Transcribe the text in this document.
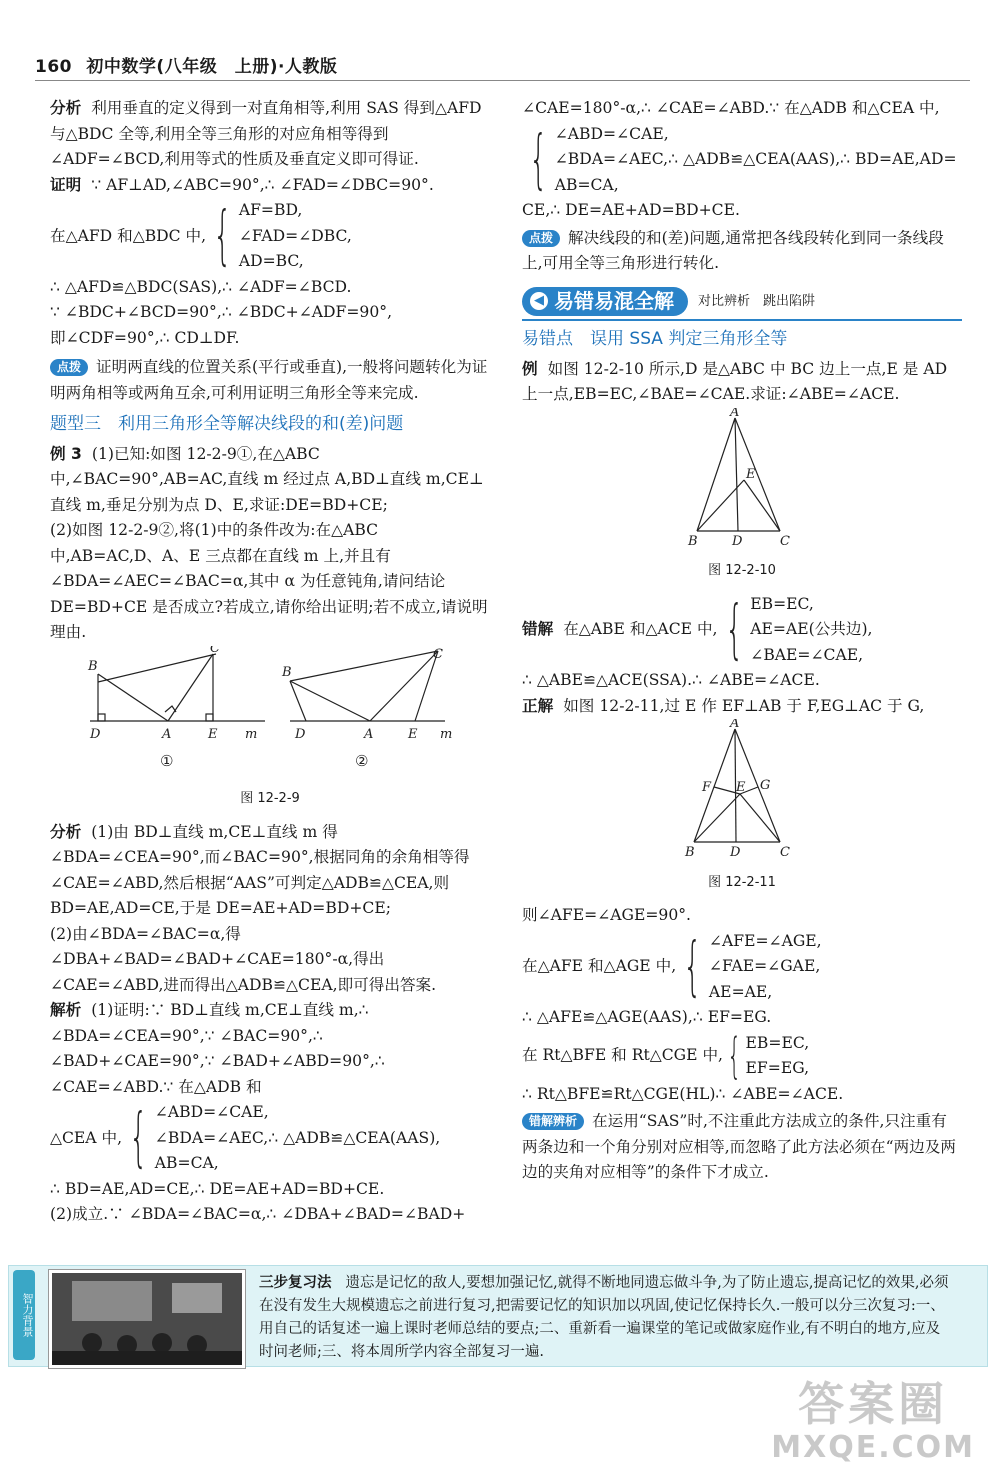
160 初中数学(八年级　上册)·人教版

分析 利用垂直的定义得到一对直角相等,利用 SAS 得到△AFD 与△BDC 全等,利用全等三角形的对应角相等得到∠ADF=∠BCD,利用等式的性质及垂直定义即可得证.

证明 ∵ AF⊥AD,∠ABC=90°,∴ ∠FAD=∠DBC=90°.

在△AFD 和△BDC 中, { AF=BD,
∠FAD=∠DBC,
AD=BC,

∴ △AFD≌△BDC(SAS),∴ ∠ADF=∠BCD.

∵ ∠BDC+∠BCD=90°,∴ ∠BDC+∠ADF=90°,

即∠CDF=90°,∴ CD⊥DF.

点拨 证明两直线的位置关系(平行或垂直),一般将问题转化为证明两角相等或两角互余,可利用证明三角形全等来完成.

题型三　利用三角形全等解决线段的和(差)问题

例 3 (1)已知:如图 12-2-9①,在△ABC 中,∠BAC=90°,AB=AC,直线 m 经过点 A,BD⊥直线 m,CE⊥直线 m,垂足分别为点 D、E,求证:DE=BD+CE;

(2)如图 12-2-9②,将(1)中的条件改为:在△ABC 中,AB=AC,D、A、E 三点都在直线 m 上,并且有∠BDA=∠AEC=∠BAC=α,其中 α 为任意钝角,请问结论 DE=BD+CE 是否成立?若成立,请你给出证明;若不成立,请说明理由.

B
C
D	A	E m
B
C
D	A	E m
①	②
图 12-2-9

分析 (1)由 BD⊥直线 m,CE⊥直线 m 得∠BDA=∠CEA=90°,而∠BAC=90°,根据同角的余角相等得∠CAE=∠ABD,然后根据“AAS”可判定△ADB≌△CEA,则 BD=AE,AD=CE,于是 DE=AE+AD=BD+CE;

(2)由∠BDA=∠BAC=α,得∠DBA+∠BAD=∠BAD+∠CAE=180°-α,得出∠CAE=∠ABD,进而得出△ADB≌△CEA,即可得出答案.

解析 (1)证明:∵ BD⊥直线 m,CE⊥直线 m,∴ ∠BDA=∠CEA=90°,∵ ∠BAC=90°,∴ ∠BAD+∠CAE=90°,∵ ∠BAD+∠ABD=90°,∴ ∠CAE=∠ABD.∵ 在△ADB 和

△CEA 中, { ∠ABD=∠CAE,
∠BDA=∠AEC,∴ △ADB≌△CEA(AAS),
AB=CA,

∴ BD=AE,AD=CE,∴ DE=AE+AD=BD+CE.

(2)成立.∵ ∠BDA=∠BAC=α,∴ ∠DBA+∠BAD=∠BAD+

∠CAE=180°-α,∴ ∠CAE=∠ABD.∵ 在△ADB 和△CEA 中,

{ ∠ABD=∠CAE,
∠BDA=∠AEC,∴ △ADB≌△CEA(AAS),∴ BD=AE,AD=
AB=CA,

CE,∴ DE=AE+AD=BD+CE.

点拨 解决线段的和(差)问题,通常把各线段转化到同一条线段上,可用全等三角形进行转化.

◀ 易错易混全解 对比辨析　跳出陷阱

易错点　误用 SSA 判定三角形全等

例 如图 12-2-10 所示,D 是△ABC 中 BC 边上一点,E 是 AD 上一点,EB=EC,∠BAE=∠CAE.求证:∠ABE=∠ACE.

A
E
B	D	C
图 12-2-10
错解 在△ABE 和△ACE 中, { EB=EC,
AE=AE(公共边),
∠BAE=∠CAE,

∴ △ABE≌△ACE(SSA).∴ ∠ABE=∠ACE.

正解 如图 12-2-11,过 E 作 EF⊥AB 于 F,EG⊥AC 于 G,

A
F E G
B	D	C
图 12-2-11

则∠AFE=∠AGE=90°.

在△AFE 和△AGE 中, { ∠AFE=∠AGE,
∠FAE=∠GAE,
AE=AE,

∴ △AFE≌△AGE(AAS),∴ EF=EG.

在 Rt△BFE 和 Rt△CGE 中, { EB=EC,
EF=EG,

∴ Rt△BFE≌Rt△CGE(HL)∴ ∠ABE=∠ACE.

错解辨析 在运用“SAS”时,不注重此方法成立的条件,只注重有两条边和一个角分别对应相等,而忽略了此方法必须在“两边及两边的夹角对应相等”的条件下才成立.

智力背景
三步复习法 遗忘是记忆的敌人,要想加强记忆,就得不断地同遗忘做斗争,为了防止遗忘,提高记忆的效果,必须在没有发生大规模遗忘之前进行复习,把需要记忆的知识加以巩固,使记忆保持长久.一般可以分三次复习:一、用自己的话复述一遍上课时老师总结的要点;二、重新看一遍课堂的笔记或做家庭作业,有不明白的地方,应及时问老师;三、将本周所学内容全部复习一遍.
答案圈
MXQE.COM
